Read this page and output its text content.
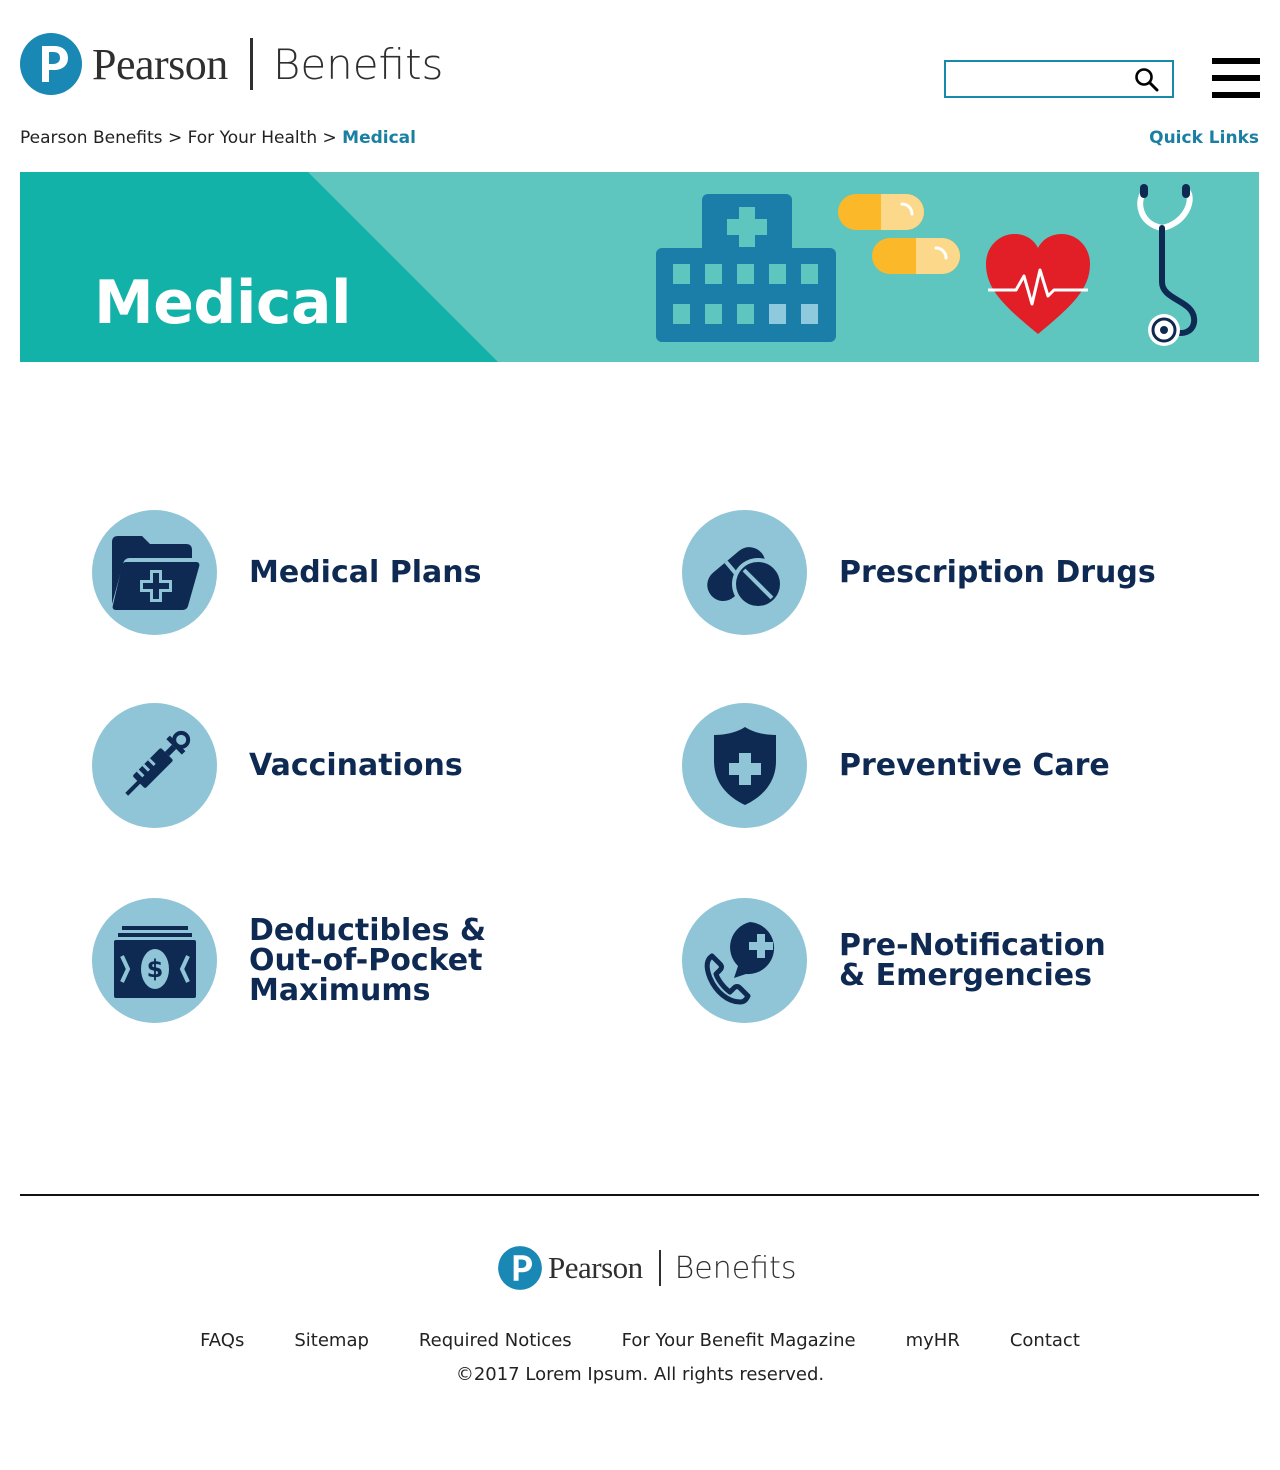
Pearson Benefits
Pearson Benefits > For Your Health > Medical	Quick Links
Medical
Medical Plans	Prescription Drugs
Vaccinations	Preventive Care
$
Deductibles &
Out-of-Pocket
Maximums
Pre-Notification
& Emergencies
Pearson Benefits
FAQs	Sitemap	Required Notices	For Your Benefit Magazine	myHR	Contact
©2017 Lorem Ipsum. All rights reserved.
